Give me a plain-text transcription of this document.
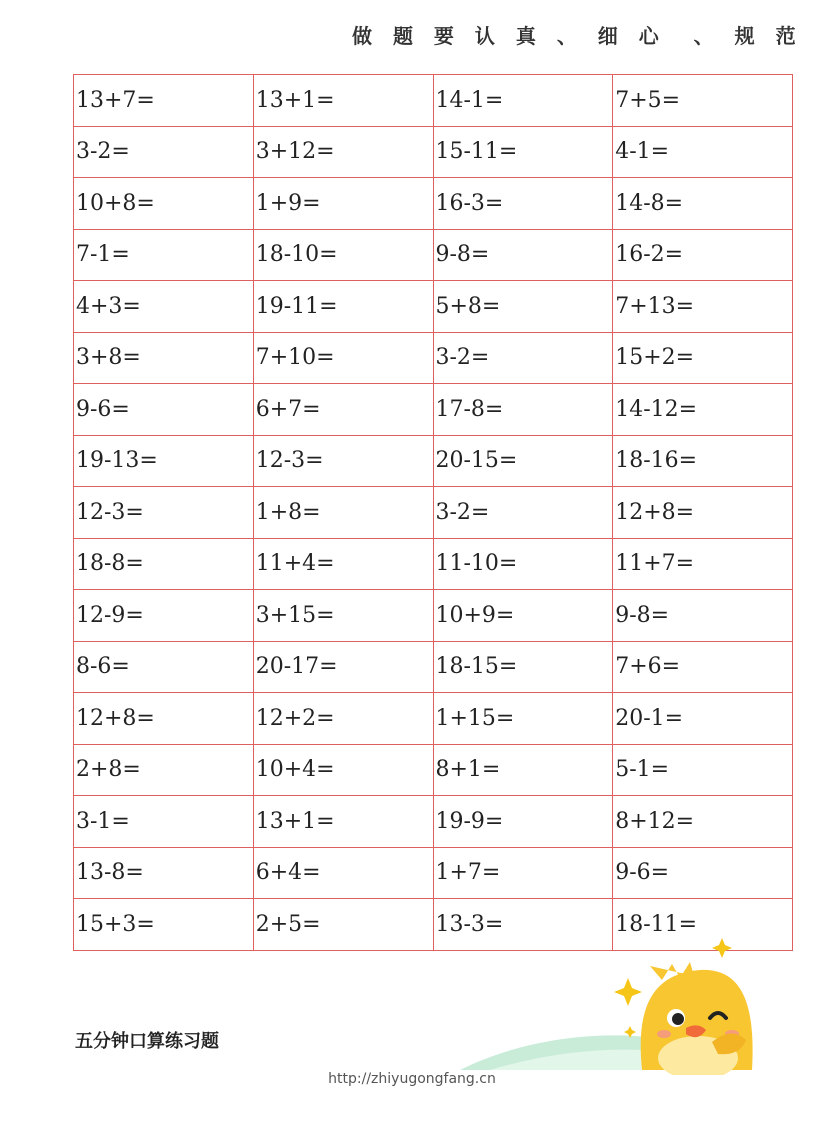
做 题 要 认 真 、 细 心  、 规 范
13+7=	13+1=	14-1=	7+5=
3-2=	3+12=	15-11=	4-1=
10+8=	1+9=	16-3=	14-8=
7-1=	18-10=	9-8=	16-2=
4+3=	19-11=	5+8=	7+13=
3+8=	7+10=	3-2=	15+2=
9-6=	6+7=	17-8=	14-12=
19-13=	12-3=	20-15=	18-16=
12-3=	1+8=	3-2=	12+8=
18-8=	11+4=	11-10=	11+7=
12-9=	3+15=	10+9=	9-8=
8-6=	20-17=	18-15=	7+6=
12+8=	12+2=	1+15=	20-1=
2+8=	10+4=	8+1=	5-1=
3-1=	13+1=	19-9=	8+12=
13-8=	6+4=	1+7=	9-6=
15+3=	2+5=	13-3=	18-11=
五分钟口算练习题
http://zhiyugongfang.cn
